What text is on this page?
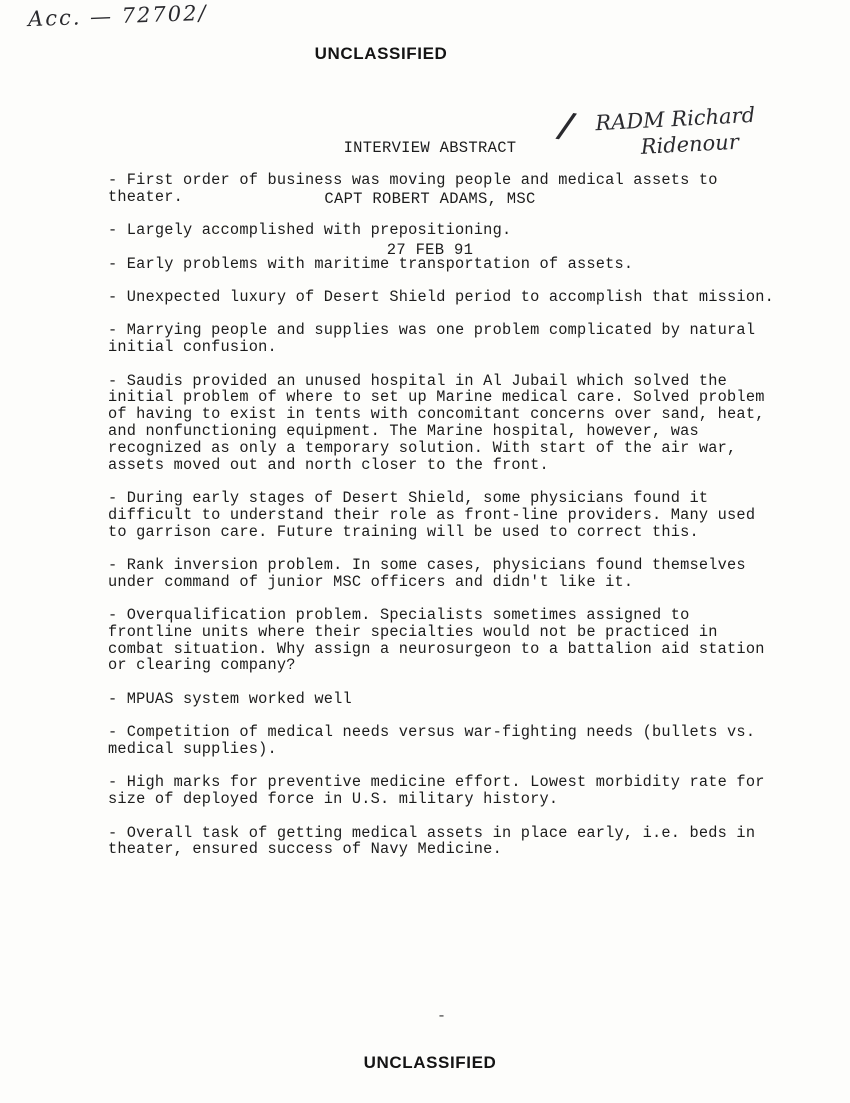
Acc. — 72702/
UNCLASSIFIED

INTERVIEW ABSTRACT

CAPT ROBERT ADAMS, MSC

27 FEB 91

/ RADM Richard
Ridenour

- First order of business was moving people and medical assets to theater.

- Largely accomplished with prepositioning.

- Early problems with maritime transportation of assets.

- Unexpected luxury of Desert Shield period to accomplish that mission.

- Marrying people and supplies was one problem complicated by natural initial confusion.

- Saudis provided an unused hospital in Al Jubail which solved the initial problem of where to set up Marine medical care. Solved problem of having to exist in tents with concomitant concerns over sand, heat, and nonfunctioning equipment. The Marine hospital, however, was recognized as only a temporary solution. With start of the air war, assets moved out and north closer to the front.

- During early stages of Desert Shield, some physicians found it difficult to understand their role as front-line providers. Many used to garrison care. Future training will be used to correct this.

- Rank inversion problem. In some cases, physicians found themselves under command of junior MSC officers and didn't like it.

- Overqualification problem. Specialists sometimes assigned to frontline units where their specialties would not be practiced in combat situation. Why assign a neurosurgeon to a battalion aid station or clearing company?

- MPUAS system worked well

- Competition of medical needs versus war-fighting needs (bullets vs. medical supplies).

- High marks for preventive medicine effort. Lowest morbidity rate for size of deployed force in U.S. military history.

- Overall task of getting medical assets in place early, i.e. beds in theater, ensured success of Navy Medicine.

-
UNCLASSIFIED
